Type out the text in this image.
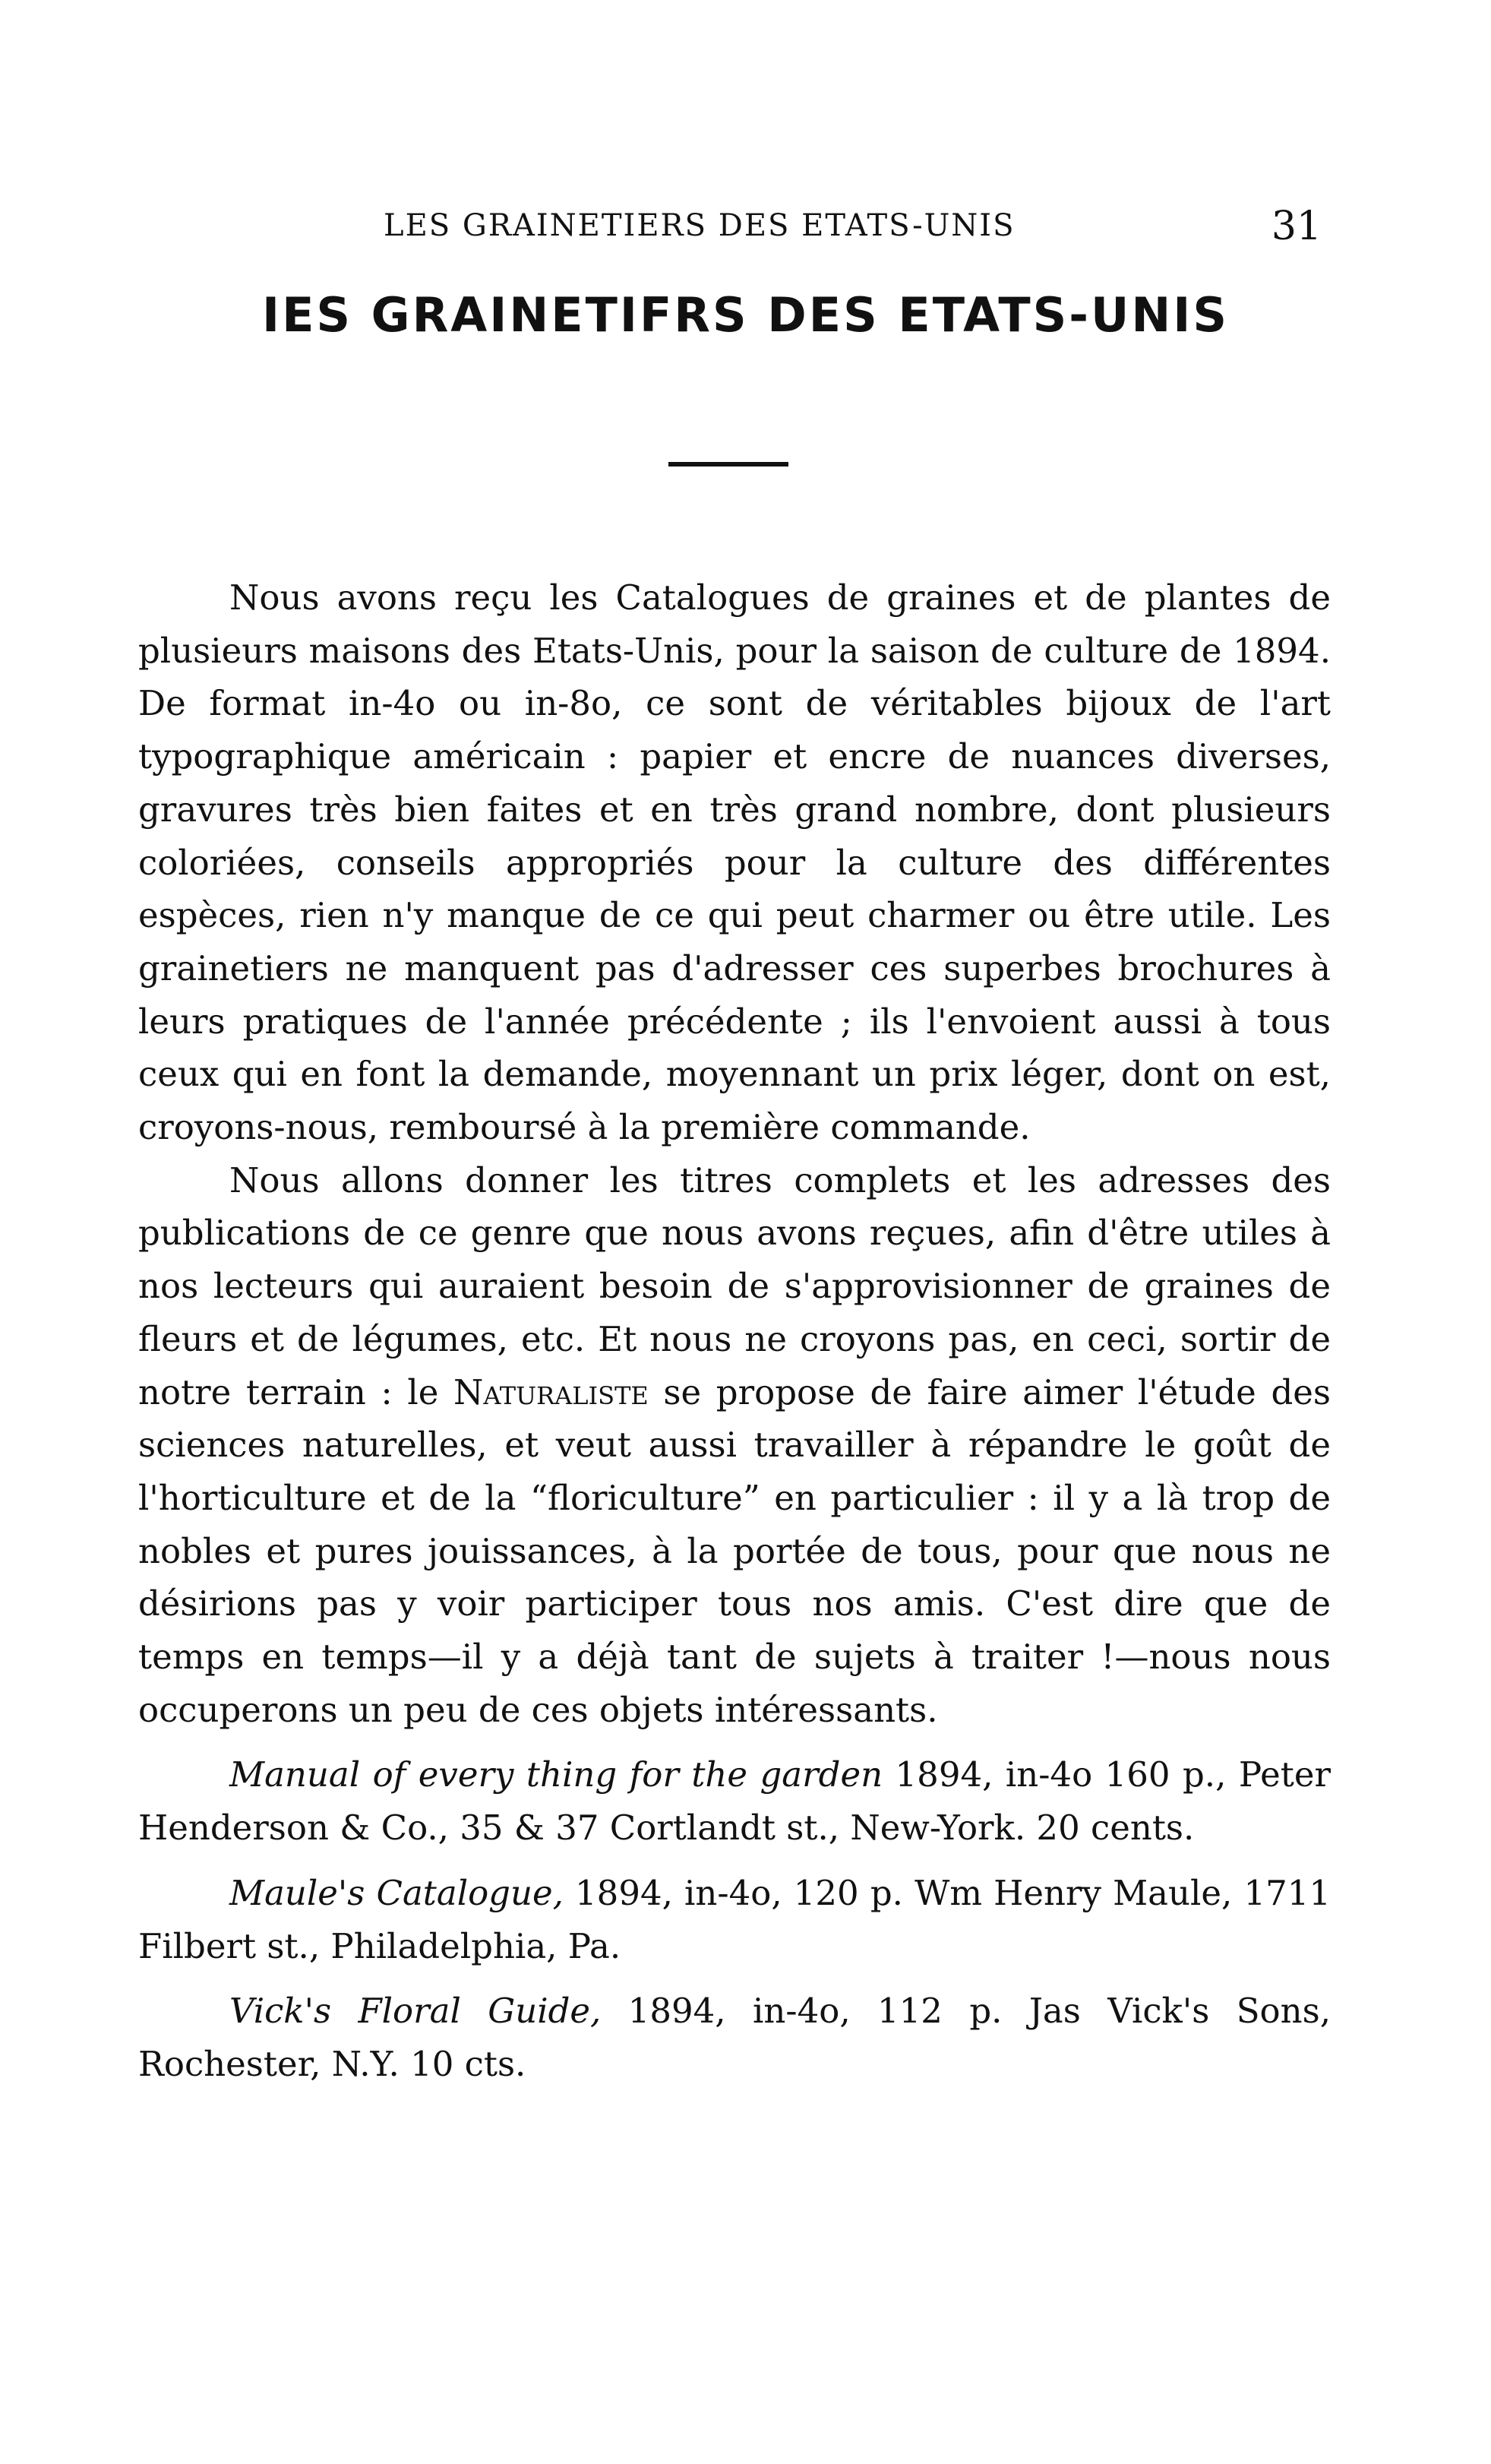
LES GRAINETIERS DES ETATS-UNIS	31
IES GRAINETIFRS DES ETATS-UNIS

Nous avons reçu les Catalogues de graines et de plantes de plusieurs maisons des Etats-Unis, pour la saison de culture de 1894. De format in-4o ou in-8o, ce sont de véritables bijoux de l'art typographique américain : papier et encre de nuances diverses, gravures très bien faites et en très grand nombre, dont plusieurs coloriées, conseils appropriés pour la culture des différentes espèces, rien n'y manque de ce qui peut charmer ou être utile. Les grainetiers ne manquent pas d'adresser ces superbes brochures à leurs pratiques de l'année précédente ; ils l'envoient aussi à tous ceux qui en font la demande, moyennant un prix léger, dont on est, croyons-nous, remboursé à la première commande.

Nous allons donner les titres complets et les adresses des publications de ce genre que nous avons reçues, afin d'être utiles à nos lecteurs qui auraient besoin de s'approvisionner de graines de fleurs et de légumes, etc. Et nous ne croyons pas, en ceci, sortir de notre terrain : le Naturaliste se propose de faire aimer l'étude des sciences naturelles, et veut aussi travailler à répandre le goût de l'horticulture et de la “floriculture” en particulier : il y a là trop de nobles et pures jouissances, à la portée de tous, pour que nous ne désirions pas y voir participer tous nos amis. C'est dire que de temps en temps—il y a déjà tant de sujets à traiter !—nous nous occuperons un peu de ces objets intéressants.

Manual of every thing for the garden 1894, in-4o 160 p., Peter Henderson & Co., 35 & 37 Cortlandt st., New-York. 20 cents.

Maule's Catalogue, 1894, in-4o, 120 p. Wm Henry Maule, 1711 Filbert st., Philadelphia, Pa.

Vick's Floral Guide, 1894, in-4o, 112 p. Jas Vick's Sons, Rochester, N.Y. 10 cts.
